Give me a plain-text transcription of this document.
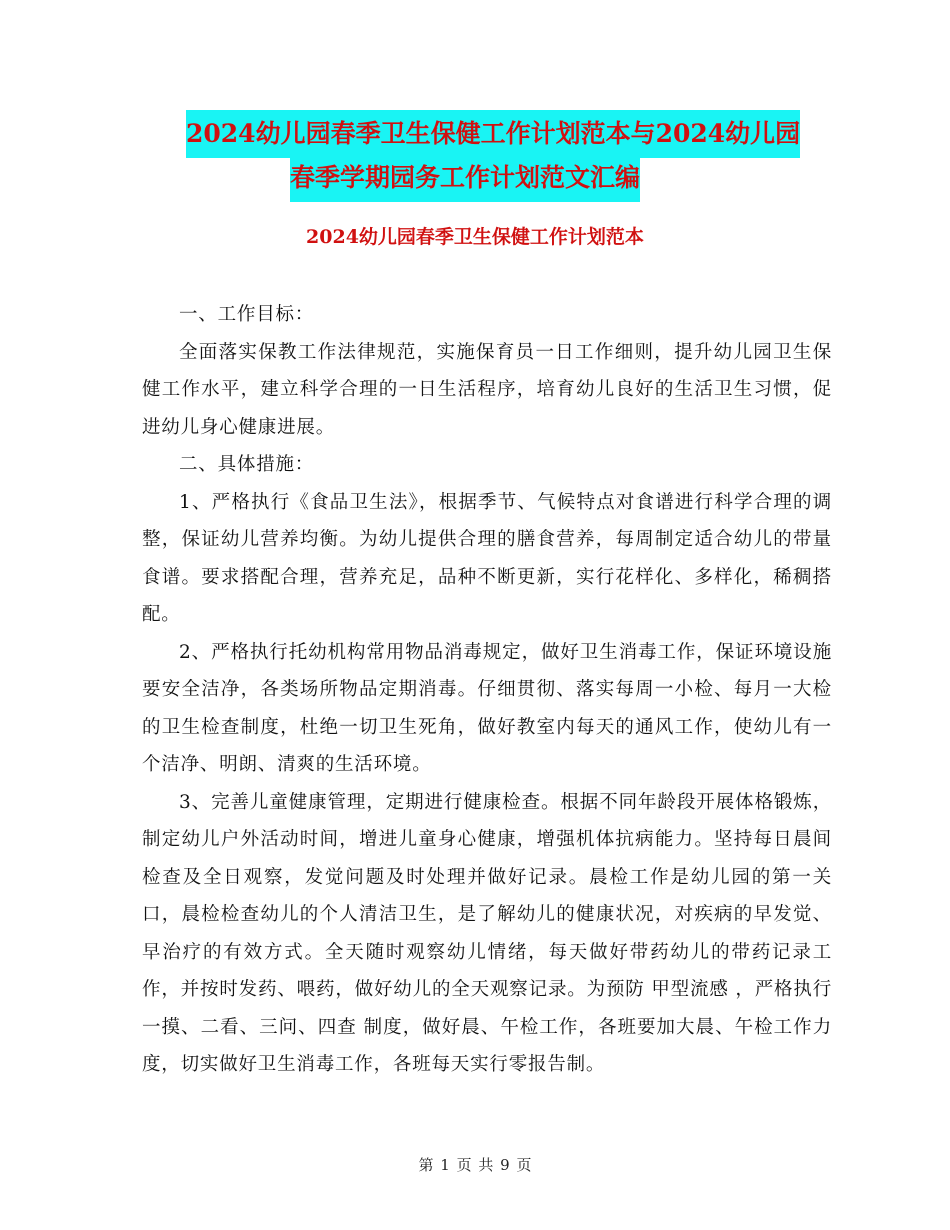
2024幼儿园春季卫生保健工作计划范本与2024幼儿园
春季学期园务工作计划范文汇编
2024幼儿园春季卫生保健工作计划范本

一、工作目标：

全面落实保教工作法律规范，实施保育员一日工作细则，提升幼儿园卫生保健工作水平，建立科学合理的一日生活程序，培育幼儿良好的生活卫生习惯，促进幼儿身心健康进展。

二、具体措施：

1、严格执行《食品卫生法》，根据季节、气候特点对食谱进行科学合理的调整，保证幼儿营养均衡。为幼儿提供合理的膳食营养，每周制定适合幼儿的带量食谱。要求搭配合理，营养充足，品种不断更新，实行花样化、多样化，稀稠搭配。

2、严格执行托幼机构常用物品消毒规定，做好卫生消毒工作，保证环境设施要安全洁净，各类场所物品定期消毒。仔细贯彻、落实每周一小检、每月一大检的卫生检查制度，杜绝一切卫生死角，做好教室内每天的通风工作，使幼儿有一个洁净、明朗、清爽的生活环境。

3、完善儿童健康管理，定期进行健康检查。根据不同年龄段开展体格锻炼，制定幼儿户外活动时间，增进儿童身心健康，增强机体抗病能力。坚持每日晨间检查及全日观察，发觉问题及时处理并做好记录。晨检工作是幼儿园的第一关口，晨检检查幼儿的个人清洁卫生，是了解幼儿的健康状况，对疾病的早发觉、早治疗的有效方式。全天随时观察幼儿情绪，每天做好带药幼儿的带药记录工作，并按时发药、喂药，做好幼儿的全天观察记录。为预防 甲型流感 ，严格执行 一摸、二看、三问、四查 制度，做好晨、午检工作，各班要加大晨、午检工作力度，切实做好卫生消毒工作，各班每天实行零报告制。

第 1 页 共 9 页
